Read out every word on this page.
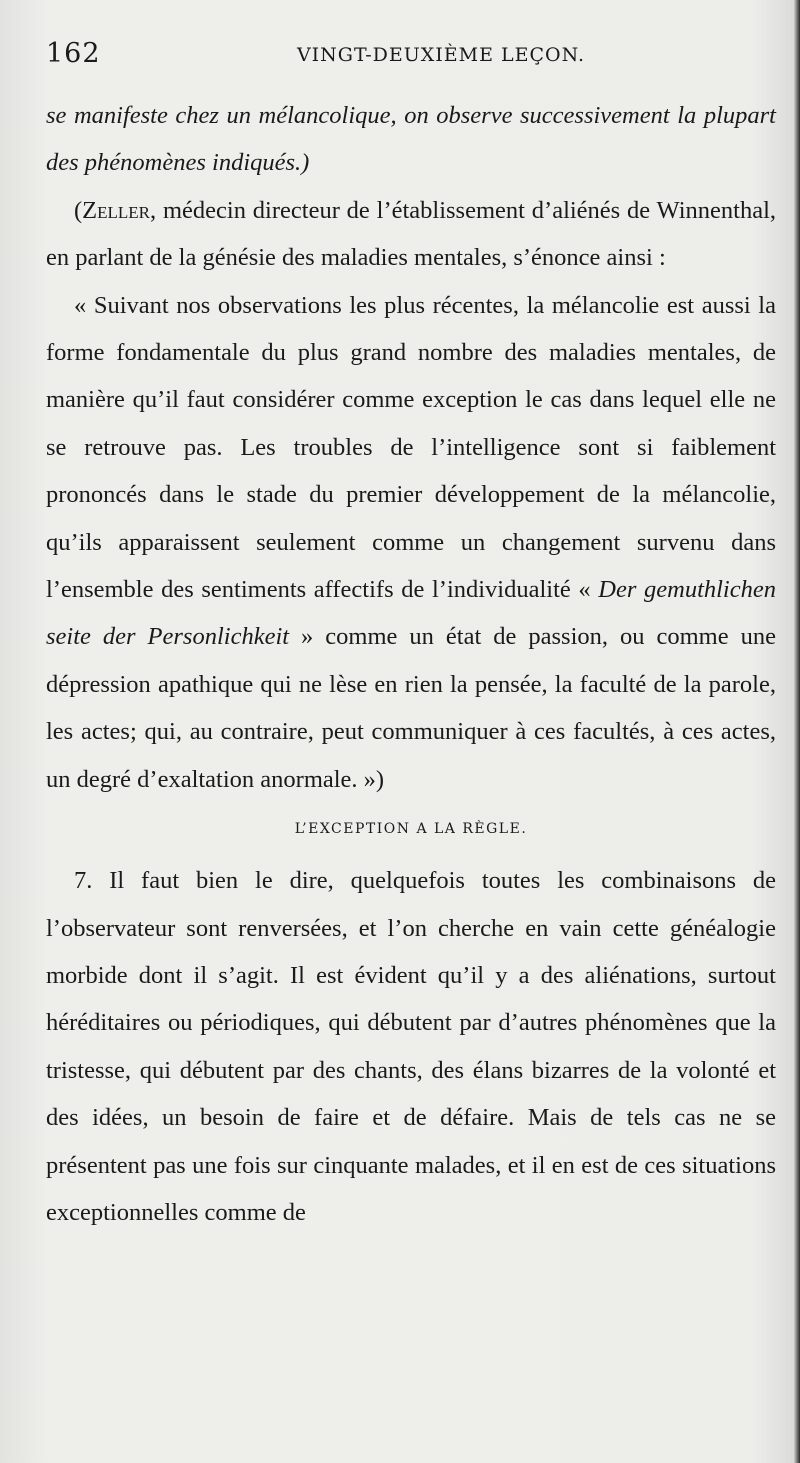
162	VINGT-DEUXIÈME LEÇON.

se manifeste chez un mélancolique, on observe successivement la plupart des phénomènes indiqués.)

(Zeller, médecin directeur de l’établissement d’aliénés de Winnenthal, en parlant de la génésie des maladies mentales, s’énonce ainsi :

« Suivant nos observations les plus récentes, la mélancolie est aussi la forme fondamentale du plus grand nombre des maladies mentales, de manière qu’il faut considérer comme exception le cas dans lequel elle ne se retrouve pas. Les troubles de l’intelligence sont si faiblement prononcés dans le stade du premier développement de la mélancolie, qu’ils apparaissent seulement comme un changement survenu dans l’ensemble des sentiments affectifs de l’individualité « Der gemuthlichen seite der Personlichkeit » comme un état de passion, ou comme une dépression apathique qui ne lèse en rien la pensée, la faculté de la parole, les actes; qui, au contraire, peut communiquer à ces facultés, à ces actes, un degré d’exaltation anormale. »)

L’EXCEPTION A LA RÈGLE.

7. Il faut bien le dire, quelquefois toutes les combinaisons de l’observateur sont renversées, et l’on cherche en vain cette généalogie morbide dont il s’agit. Il est évident qu’il y a des aliénations, surtout héréditaires ou périodiques, qui débutent par d’autres phénomènes que la tristesse, qui débutent par des chants, des élans bizarres de la volonté et des idées, un besoin de faire et de défaire. Mais de tels cas ne se présentent pas une fois sur cinquante malades, et il en est de ces situations exceptionnelles comme de
